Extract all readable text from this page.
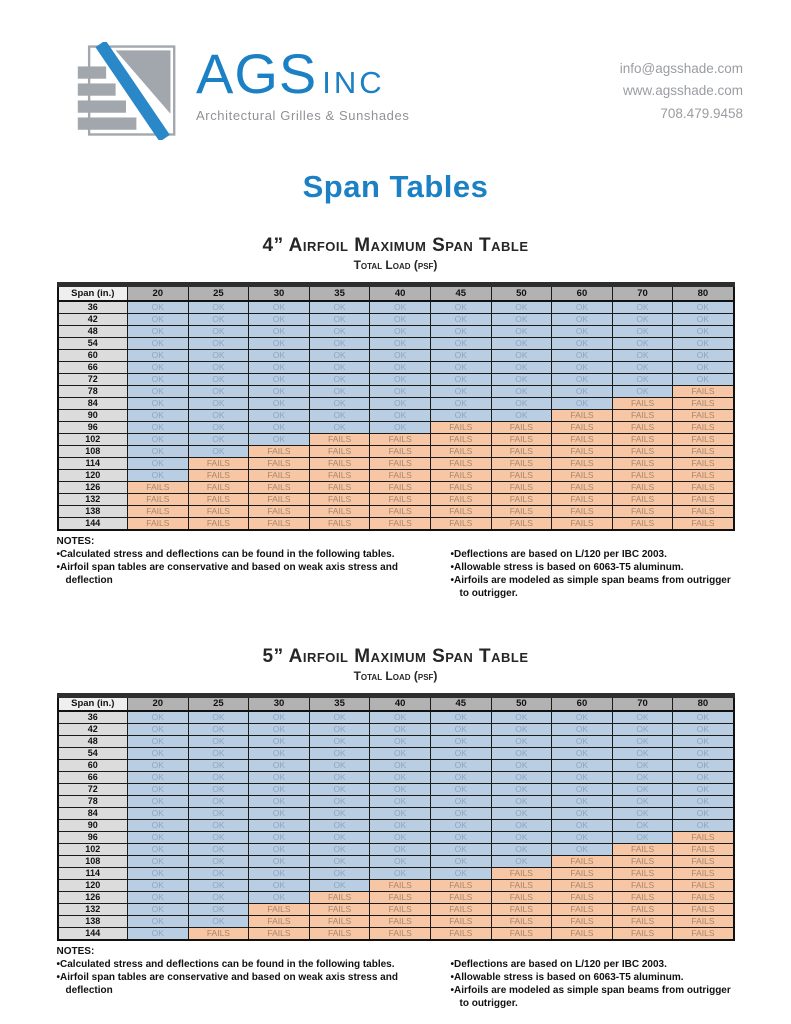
AGS INC
Architectural Grilles & Sunshades
info@agsshade.com
www.agsshade.com
708.479.9458
Span Tables
4” Airfoil Maximum Span Table
Total Load (psf)
Span (in.)	20	25	30	35	40	45	50	60	70	80
36	OK	OK	OK	OK	OK	OK	OK	OK	OK	OK
42	OK	OK	OK	OK	OK	OK	OK	OK	OK	OK
48	OK	OK	OK	OK	OK	OK	OK	OK	OK	OK
54	OK	OK	OK	OK	OK	OK	OK	OK	OK	OK
60	OK	OK	OK	OK	OK	OK	OK	OK	OK	OK
66	OK	OK	OK	OK	OK	OK	OK	OK	OK	OK
72	OK	OK	OK	OK	OK	OK	OK	OK	OK	OK
78	OK	OK	OK	OK	OK	OK	OK	OK	OK	FAILS
84	OK	OK	OK	OK	OK	OK	OK	OK	FAILS	FAILS
90	OK	OK	OK	OK	OK	OK	OK	FAILS	FAILS	FAILS
96	OK	OK	OK	OK	OK	FAILS	FAILS	FAILS	FAILS	FAILS
102	OK	OK	OK	FAILS	FAILS	FAILS	FAILS	FAILS	FAILS	FAILS
108	OK	OK	FAILS	FAILS	FAILS	FAILS	FAILS	FAILS	FAILS	FAILS
114	OK	FAILS	FAILS	FAILS	FAILS	FAILS	FAILS	FAILS	FAILS	FAILS
120	OK	FAILS	FAILS	FAILS	FAILS	FAILS	FAILS	FAILS	FAILS	FAILS
126	FAILS	FAILS	FAILS	FAILS	FAILS	FAILS	FAILS	FAILS	FAILS	FAILS
132	FAILS	FAILS	FAILS	FAILS	FAILS	FAILS	FAILS	FAILS	FAILS	FAILS
138	FAILS	FAILS	FAILS	FAILS	FAILS	FAILS	FAILS	FAILS	FAILS	FAILS
144	FAILS	FAILS	FAILS	FAILS	FAILS	FAILS	FAILS	FAILS	FAILS	FAILS
NOTES:
• Calculated stress and deflections can be found in the following tables.
• Airfoil span tables are conservative and based on weak axis stress and deflection
• Deflections are based on L/120 per IBC 2003.
• Allowable stress is based on 6063-T5 aluminum.
• Airfoils are modeled as simple span beams from outrigger to outrigger.
5” Airfoil Maximum Span Table
Total Load (psf)
Span (in.)	20	25	30	35	40	45	50	60	70	80
36	OK	OK	OK	OK	OK	OK	OK	OK	OK	OK
42	OK	OK	OK	OK	OK	OK	OK	OK	OK	OK
48	OK	OK	OK	OK	OK	OK	OK	OK	OK	OK
54	OK	OK	OK	OK	OK	OK	OK	OK	OK	OK
60	OK	OK	OK	OK	OK	OK	OK	OK	OK	OK
66	OK	OK	OK	OK	OK	OK	OK	OK	OK	OK
72	OK	OK	OK	OK	OK	OK	OK	OK	OK	OK
78	OK	OK	OK	OK	OK	OK	OK	OK	OK	OK
84	OK	OK	OK	OK	OK	OK	OK	OK	OK	OK
90	OK	OK	OK	OK	OK	OK	OK	OK	OK	OK
96	OK	OK	OK	OK	OK	OK	OK	OK	OK	FAILS
102	OK	OK	OK	OK	OK	OK	OK	OK	FAILS	FAILS
108	OK	OK	OK	OK	OK	OK	OK	FAILS	FAILS	FAILS
114	OK	OK	OK	OK	OK	OK	FAILS	FAILS	FAILS	FAILS
120	OK	OK	OK	OK	FAILS	FAILS	FAILS	FAILS	FAILS	FAILS
126	OK	OK	OK	FAILS	FAILS	FAILS	FAILS	FAILS	FAILS	FAILS
132	OK	OK	FAILS	FAILS	FAILS	FAILS	FAILS	FAILS	FAILS	FAILS
138	OK	OK	FAILS	FAILS	FAILS	FAILS	FAILS	FAILS	FAILS	FAILS
144	OK	FAILS	FAILS	FAILS	FAILS	FAILS	FAILS	FAILS	FAILS	FAILS
NOTES:
• Calculated stress and deflections can be found in the following tables.
• Airfoil span tables are conservative and based on weak axis stress and deflection
• Deflections are based on L/120 per IBC 2003.
• Allowable stress is based on 6063-T5 aluminum.
• Airfoils are modeled as simple span beams from outrigger to outrigger.
